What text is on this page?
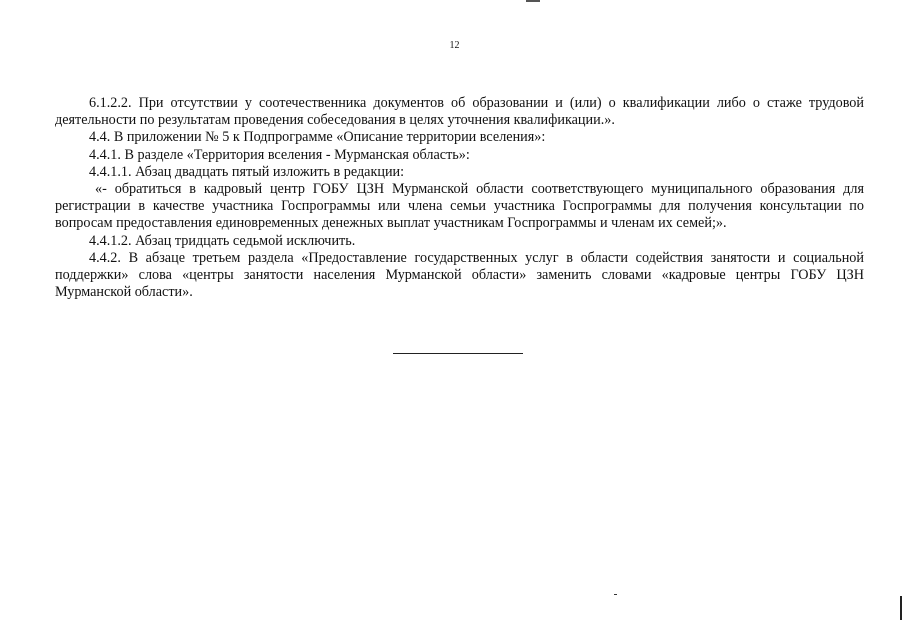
12

6.1.2.2. При отсутствии у соотечественника документов об образовании и (или) о квалификации либо о стаже трудовой деятельности по результатам проведения собеседования в целях уточнения квалификации.».

4.4. В приложении № 5 к Подпрограмме «Описание территории вселения»:

4.4.1. В разделе «Территория вселения - Мурманская область»:

4.4.1.1. Абзац двадцать пятый изложить в редакции:

«- обратиться в кадровый центр ГОБУ ЦЗН Мурманской области соответствующего муниципального образования для регистрации в качестве участника Госпрограммы или члена семьи участника Госпрограммы для получения консультации по вопросам предоставления единовременных денежных выплат участникам Госпрограммы и членам их семей;».

4.4.1.2. Абзац тридцать седьмой исключить.

4.4.2. В абзаце третьем раздела «Предоставление государственных услуг в области содействия занятости и социальной поддержки» слова «центры занятости населения Мурманской области» заменить словами «кадровые центры ГОБУ ЦЗН Мурманской области».
